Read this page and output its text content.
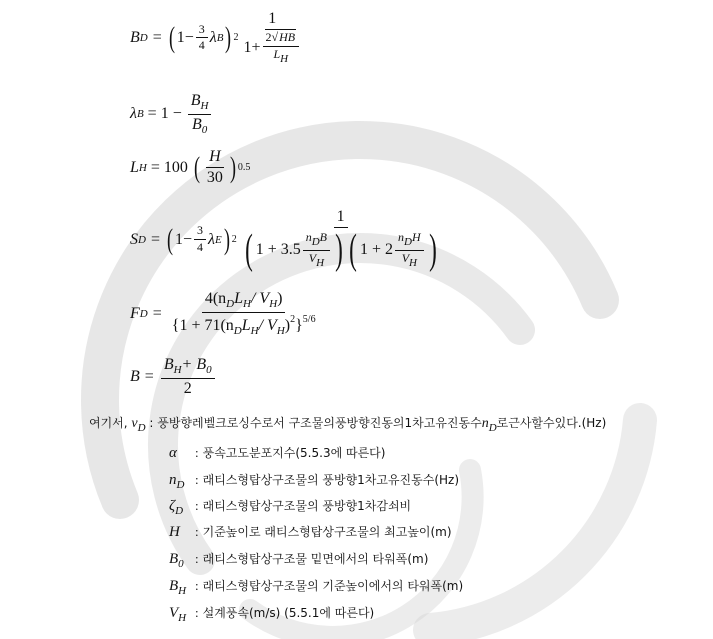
B D = ( $1 - \frac{3}{4}$ λ B ) $2 \frac{1}{1+ \frac{2√HB}{LH}}$
λ $B = 1 - \frac{B_H}{B_0}$
L H = 100 ( $\frac{H}{30}$ ) 0.5
S D = ( $1 - \frac{3}{4}$ λ E ) 2
1
( $1 + 3.5 \frac{\text{nDB}}{VH}$ ) ( $1 + 2 \frac{\text{nDH}}{VH}$ )
F $D = \frac{4(n_DL_H/ V_H)}{\{1 + 71(n_DL_H/ V_H)^2\}^{5/6}}$
$B = \frac{B_H+ B_0}{2}$
여기서, $\nu_D$ : 풍방향레벨크로싱수로서 구조물의풍방향진동의1차고유진동수$n_D$로근사할수있다.(Hz)
α	: 풍속고도분포지수(5.5.3에 따른다)
$n_D$ : 래티스형탑상구조물의 풍방향1차고유진동수(Hz)
$\zeta_D$ : 래티스형탑상구조물의 풍방향1차감쇠비
H	: 기준높이로 래티스형탑상구조물의 최고높이(m)
$B_0$ : 래티스형탑상구조물 밑면에서의 타워폭(m)
$B_H$ : 래티스형탑상구조물의 기준높이에서의 타워폭(m)
$V_H$ : 설계풍속(m/s) (5.5.1에 따른다)
